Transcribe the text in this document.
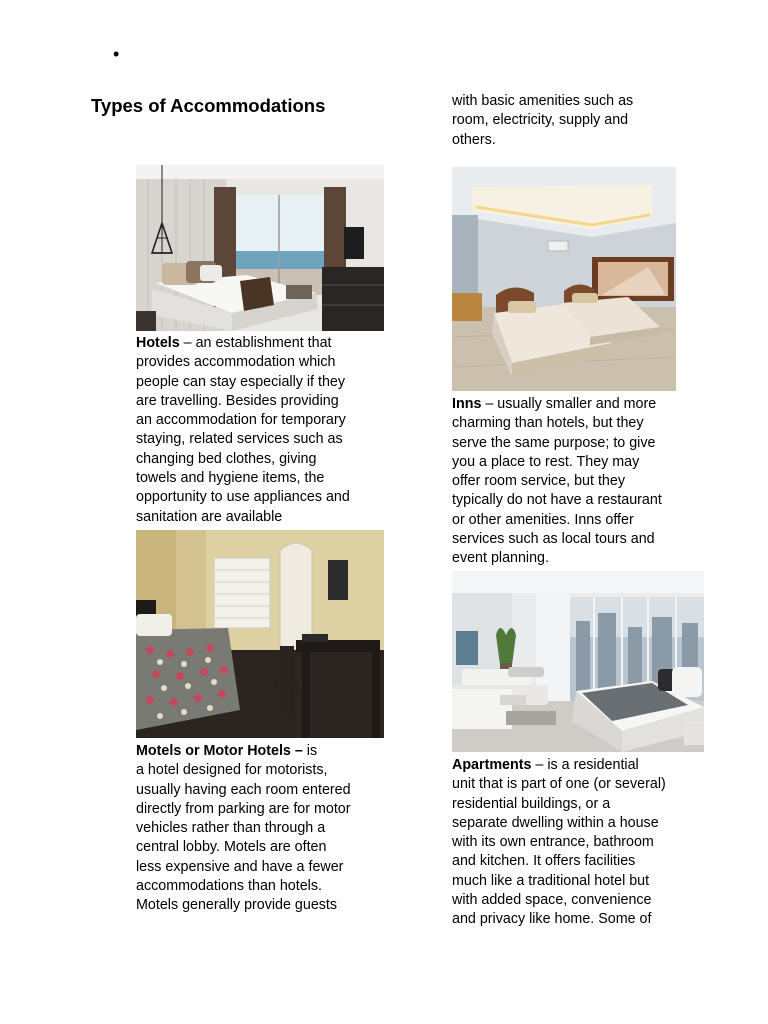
•
Types of Accommodations	with basic amenities such as
room, electricity, supply and
others.
Hotels – an establishment that
provides accommodation which
people can stay especially if they
are travelling. Besides providing
an accommodation for temporary
staying, related services such as
changing bed clothes, giving
towels and hygiene items, the
opportunity to use appliances and
sanitation are available
Inns – usually smaller and more
charming than hotels, but they
serve the same purpose; to give
you a place to rest. They may
offer room service, but they
typically do not have a restaurant
or other amenities. Inns offer
services such as local tours and
event planning.
Motels or Motor Hotels – is
a hotel designed for motorists,
usually having each room entered
directly from parking are for motor
vehicles rather than through a
central lobby. Motels are often
less expensive and have a fewer
accommodations than hotels.
Motels generally provide guests
Apartments – is a residential
unit that is part of one (or several)
residential buildings, or a
separate dwelling within a house
with its own entrance, bathroom
and kitchen. It offers facilities
much like a traditional hotel but
with added space, convenience
and privacy like home. Some of
